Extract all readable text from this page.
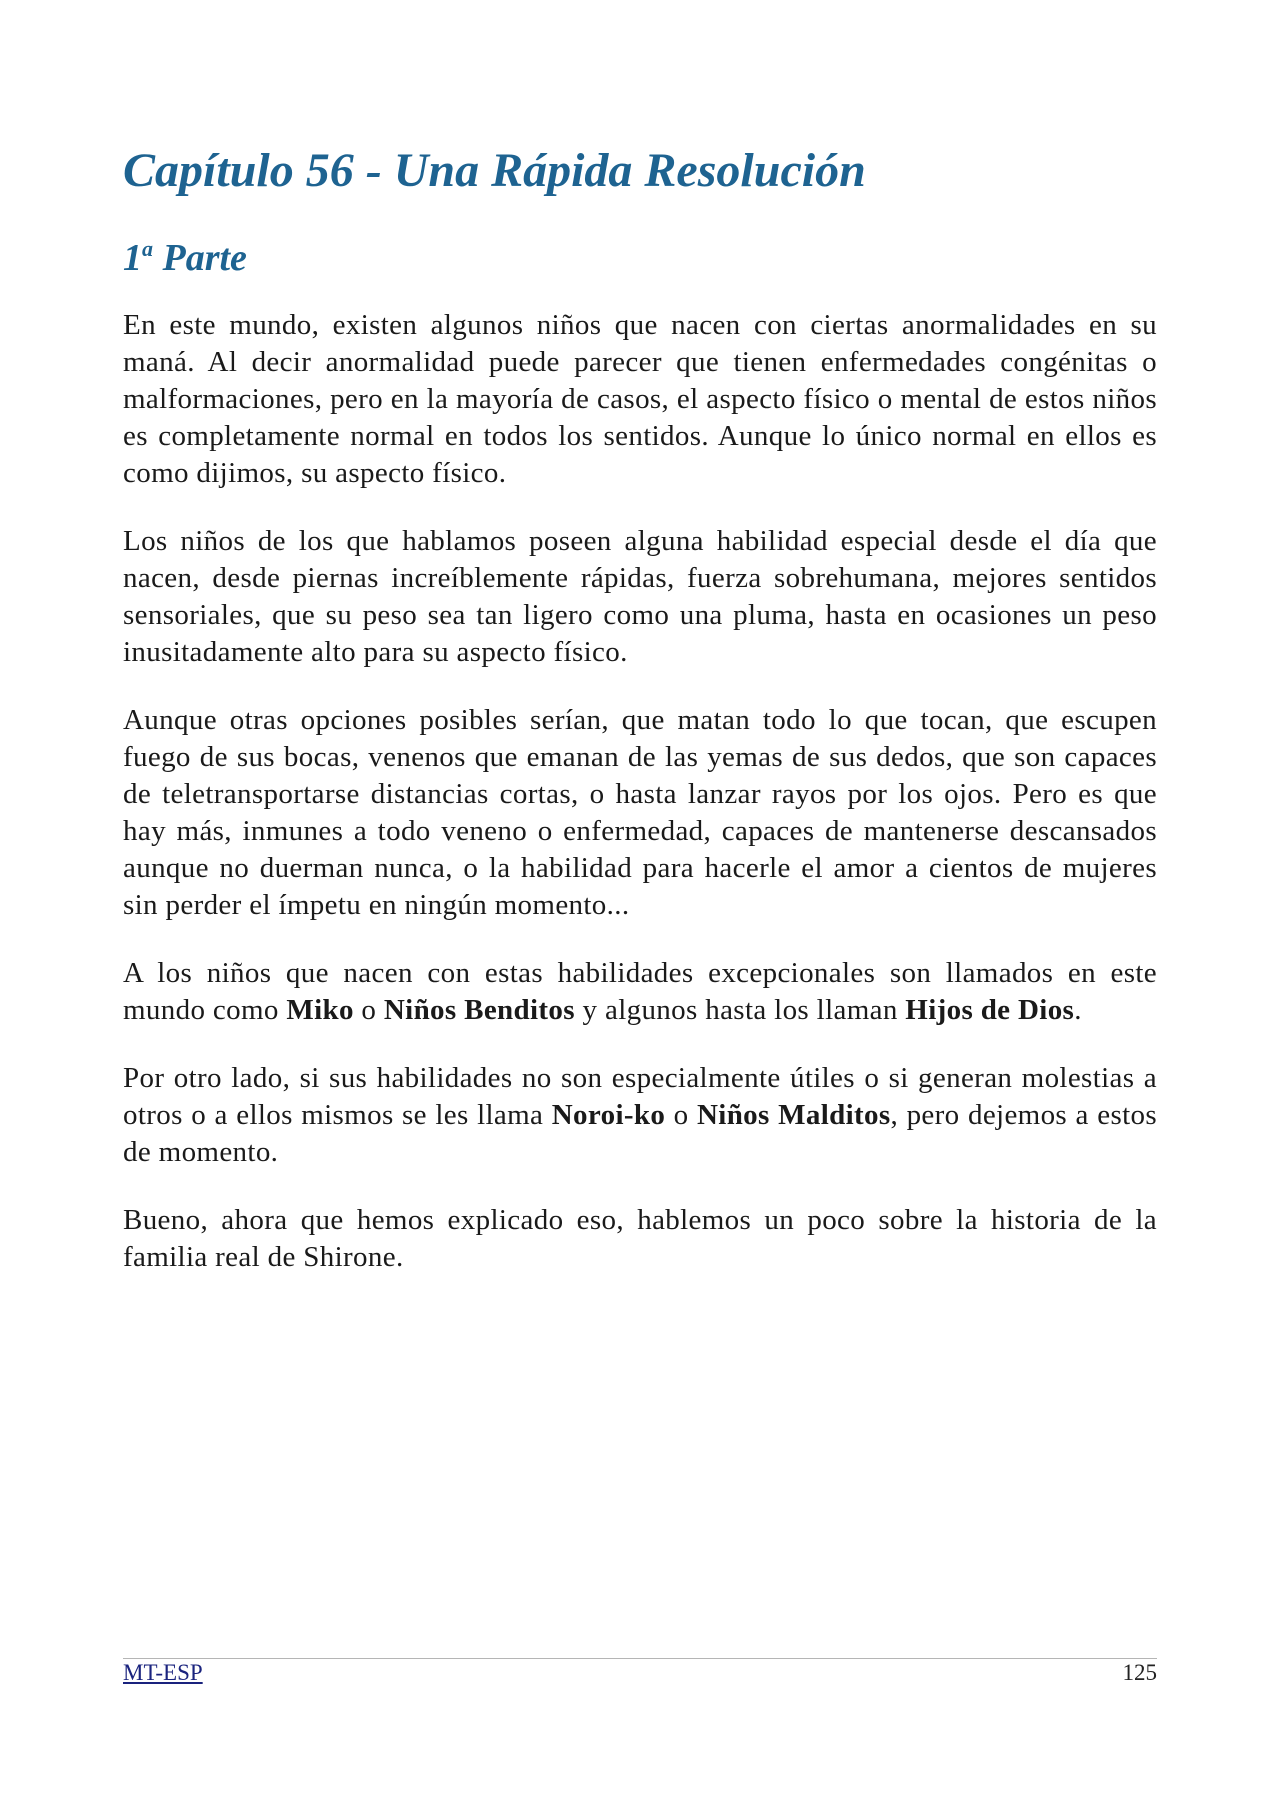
Capítulo 56 - Una Rápida Resolución
1$^a$ Parte

En este mundo, existen algunos niños que nacen con ciertas anormalidades en su maná. Al decir anormalidad puede parecer que tienen enfermedades congénitas o malformaciones, pero en la mayoría de casos, el aspecto físico o mental de estos niños es completamente normal en todos los sentidos. Aunque lo único normal en ellos es como dijimos, su aspecto físico.

Los niños de los que hablamos poseen alguna habilidad especial desde el día que nacen, desde piernas increíblemente rápidas, fuerza sobrehumana, mejores sentidos sensoriales, que su peso sea tan ligero como una pluma, hasta en ocasiones un peso inusitadamente alto para su aspecto físico.

Aunque otras opciones posibles serían, que matan todo lo que tocan, que escupen fuego de sus bocas, venenos que emanan de las yemas de sus dedos, que son capaces de teletransportarse distancias cortas, o hasta lanzar rayos por los ojos. Pero es que hay más, inmunes a todo veneno o enfermedad, capaces de mantenerse descansados aunque no duerman nunca, o la habilidad para hacerle el amor a cientos de mujeres sin perder el ímpetu en ningún momento...

A los niños que nacen con estas habilidades excepcionales son llamados en este mundo como Miko o Niños Benditos y algunos hasta los llaman Hijos de Dios.

Por otro lado, si sus habilidades no son especialmente útiles o si generan molestias a otros o a ellos mismos se les llama Noroi-ko o Niños Malditos, pero dejemos a estos de momento.

Bueno, ahora que hemos explicado eso, hablemos un poco sobre la historia de la familia real de Shirone.

MT-ESP	125
